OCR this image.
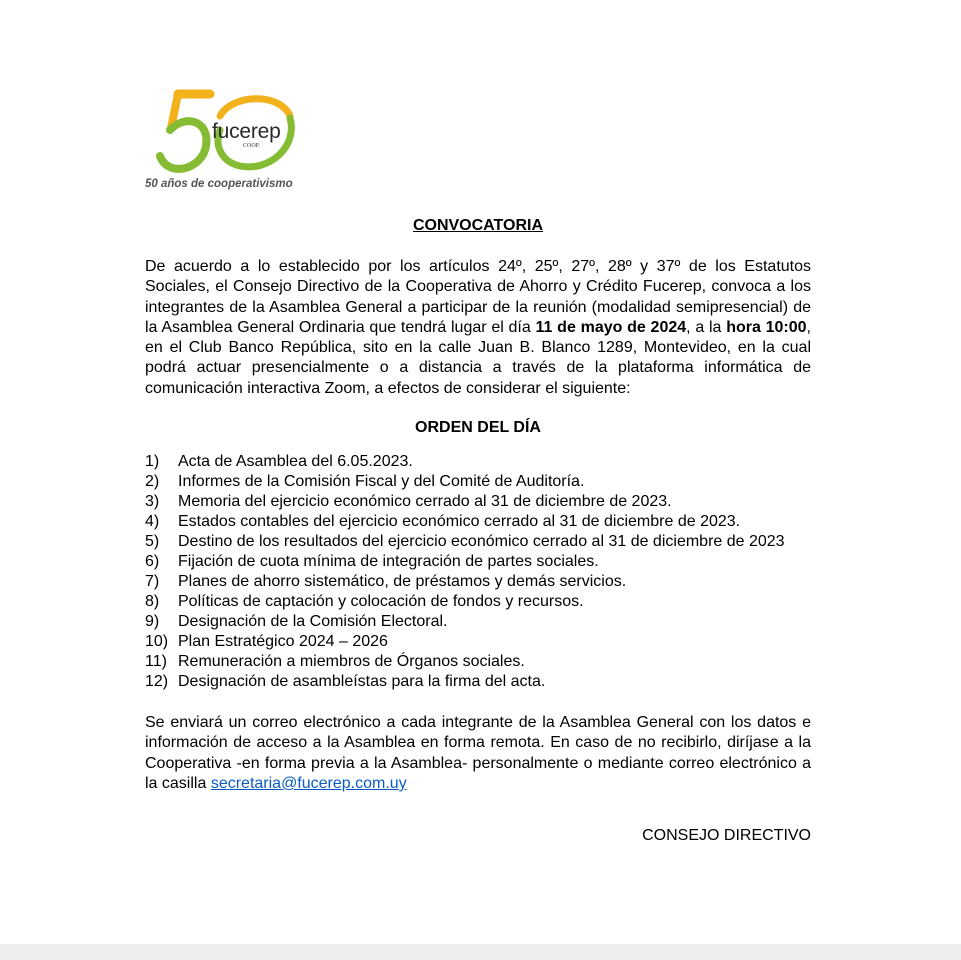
fucerep
COOP.
50 años de cooperativismo
CONVOCATORIA

De acuerdo a lo establecido por los artículos 24º, 25º, 27º, 28º y 37º de los Estatutos Sociales, el Consejo Directivo de la Cooperativa de Ahorro y Crédito Fucerep, convoca a los integrantes de la Asamblea General a participar de la reunión (modalidad semipresencial) de la Asamblea General Ordinaria que tendrá lugar el día 11 de mayo de 2024, a la hora 10:00, en el Club Banco República, sito en la calle Juan B. Blanco 1289, Montevideo, en la cual podrá actuar presencialmente o a distancia a través de la plataforma informática de comunicación interactiva Zoom, a efectos de considerar el siguiente:

ORDEN DEL DÍA
1)	Acta de Asamblea del 6.05.2023.
2)	Informes de la Comisión Fiscal y del Comité de Auditoría.
3)	Memoria del ejercicio económico cerrado al 31 de diciembre de 2023.
4)	Estados contables del ejercicio económico cerrado al 31 de diciembre de 2023.
5)	Destino de los resultados del ejercicio económico cerrado al 31 de diciembre de 2023
6)	Fijación de cuota mínima de integración de partes sociales.
7)	Planes de ahorro sistemático, de préstamos y demás servicios.
8)	Políticas de captación y colocación de fondos y recursos.
9)	Designación de la Comisión Electoral.
10) Plan Estratégico 2024 – 2026
11) Remuneración a miembros de Órganos sociales.
12) Designación de asambleístas para la firma del acta.

Se enviará un correo electrónico a cada integrante de la Asamblea General con los datos e información de acceso a la Asamblea en forma remota. En caso de no recibirlo, diríjase a la Cooperativa -en forma previa a la Asamblea- personalmente o mediante correo electrónico a la casilla secretaria@fucerep.com.uy

CONSEJO DIRECTIVO
